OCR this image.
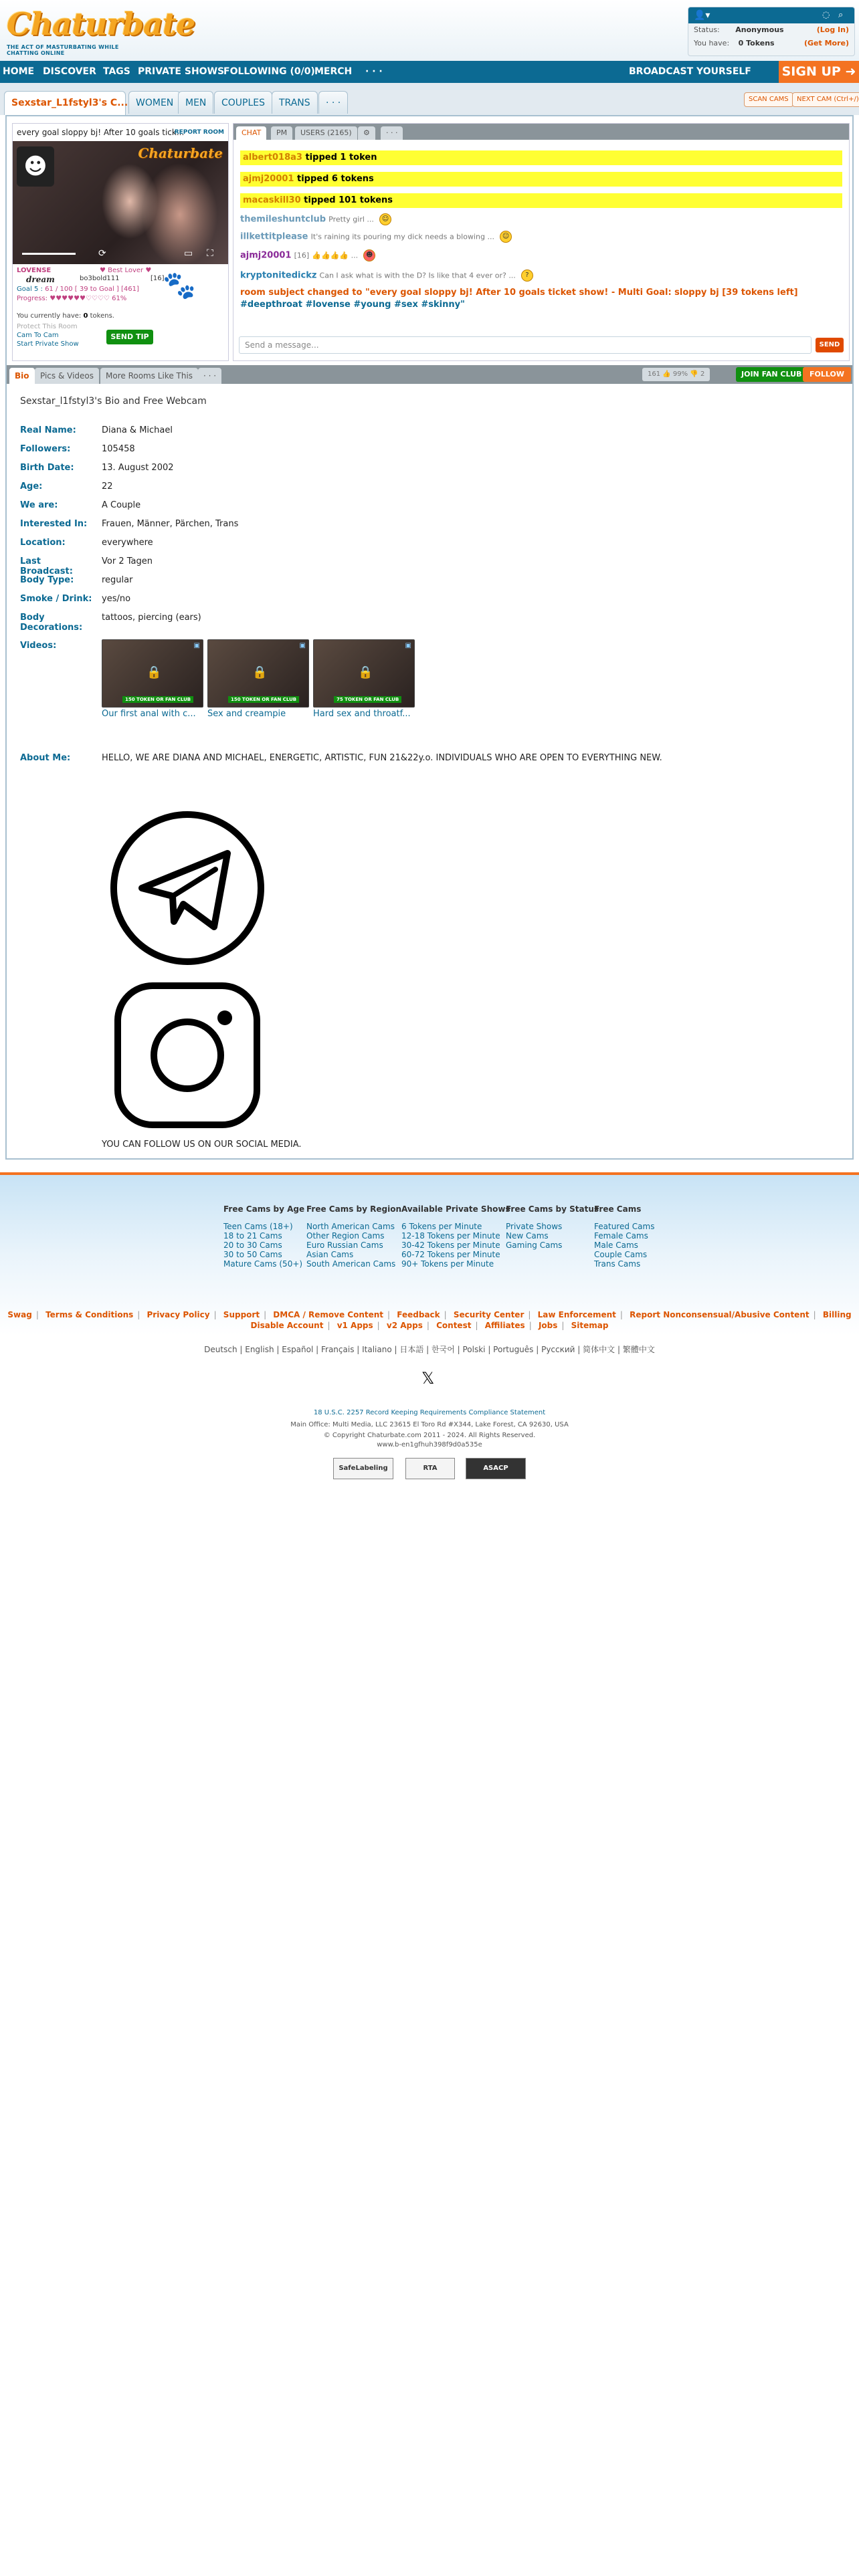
Chaturbate
THE ACT OF MASTURBATING WHILE CHATTING ONLINE
👤▾	◌ ⌕
Status: Anonymous	(Log In)
You have: 0 Tokens	(Get More)
HOME DISCOVER TAGS PRIVATE SHOWS
FOLLOWING (0/0) MERCH · · ·	BROADCAST YOURSELF SIGN UP ➜
Sexstar_L1fstyl3's C... WOMEN	MEN	COUPLES	TRANS	· · ·	SCAN CAMS	NEXT CAM (Ctrl+/)
every goal sloppy bj! After 10 goals tick...
REPORT ROOM
☻	Chaturbate
⟳	▭ ⛶
LOVENSE
dream
♥ Best Lover ♥
bo3bold111	[16]
Goal 5 : 61 / 100 [ 39 to Goal ] [461]
Progress: ♥♥♥♥♥♥♡♡♡♡ 61% 🐾
You currently have: 0 tokens.
Protect This Room
Cam To Cam
Start Private Show
SEND TIP
CHAT	PM	USERS (2165)	⚙	· · ·
albert018a3 tipped 1 token
ajmj20001 tipped 6 tokens
macaskill30 tipped 101 tokens
themileshuntclub Pretty girl ... ☺
illkettitplease It's raining its pouring my dick needs a blowing ... ☺
ajmj20001 [16] 👍👍👍👍 ... ☻
kryptonitedickz Can I ask what is with the D? Is like that 4 ever or? ... ?
room subject changed to "every goal sloppy bj! After 10 goals ticket show! - Multi Goal: sloppy bj [39 tokens left] #deepthroat #lovense #young #sex #skinny"
Send a message...	SEND
Bio	Pics & Videos	More Rooms Like This	· · ·	161 👍 99% 👎 2	JOIN FAN CLUB	FOLLOW
Sexstar_l1fstyl3's Bio and Free Webcam
Real Name:	Diana & Michael
Followers:	105458
Birth Date:	13. August 2002
Age:	22
We are:	A Couple
Interested In:	Frauen, Männer, Pärchen, Trans
Location:	everywhere
Last Broadcast:
Vor 2 Tagen
Body Type:	regular
Smoke / Drink: yes/no
Body Decorations:
tattoos, piercing (ears)
Videos:	▣
🔒
150 TOKEN OR FAN CLUB
▣
🔒
150 TOKEN OR FAN CLUB
▣
🔒
75 TOKEN OR FAN CLUB
Our first anal with c...	Sex and creampie	Hard sex and throatf...
About Me:	HELLO, WE ARE DIANA AND MICHAEL, ENERGETIC, ARTISTIC, FUN 21&22y.o. INDIVIDUALS WHO ARE OPEN TO EVERYTHING NEW.
YOU CAN FOLLOW US ON OUR SOCIAL MEDIA.
Free Cams by Age
Teen Cams (18+)
18 to 21 Cams
20 to 30 Cams
30 to 50 Cams
Mature Cams (50+)
Free Cams by Region
North American Cams
Other Region Cams
Euro Russian Cams
Asian Cams
South American Cams
Available Private Shows
6 Tokens per Minute
12-18 Tokens per Minute
30-42 Tokens per Minute
60-72 Tokens per Minute
90+ Tokens per Minute
Free Cams by Status
Private Shows
New Cams
Gaming Cams
Free Cams
Featured Cams
Female Cams
Male Cams
Couple Cams
Trans Cams
Swag | Terms & Conditions | Privacy Policy | Support | DMCA / Remove Content | Feedback | Security Center | Law Enforcement | Report Nonconsensual/Abusive Content | Billing
Disable Account | v1 Apps | v2 Apps | Contest | Affiliates | Jobs | Sitemap
Deutsch | English | Español | Français | Italiano | 日本語 | 한국어 | Polski | Português | Русский | 简体中文 | 繁體中文
𝕏
18 U.S.C. 2257 Record Keeping Requirements Compliance Statement
Main Office: Multi Media, LLC 23615 El Toro Rd #X344, Lake Forest, CA 92630, USA
© Copyright Chaturbate.com 2011 - 2024. All Rights Reserved.
www.b-en1gfhuh398f9d0a535e
SafeLabeling	RTA	ASACP
